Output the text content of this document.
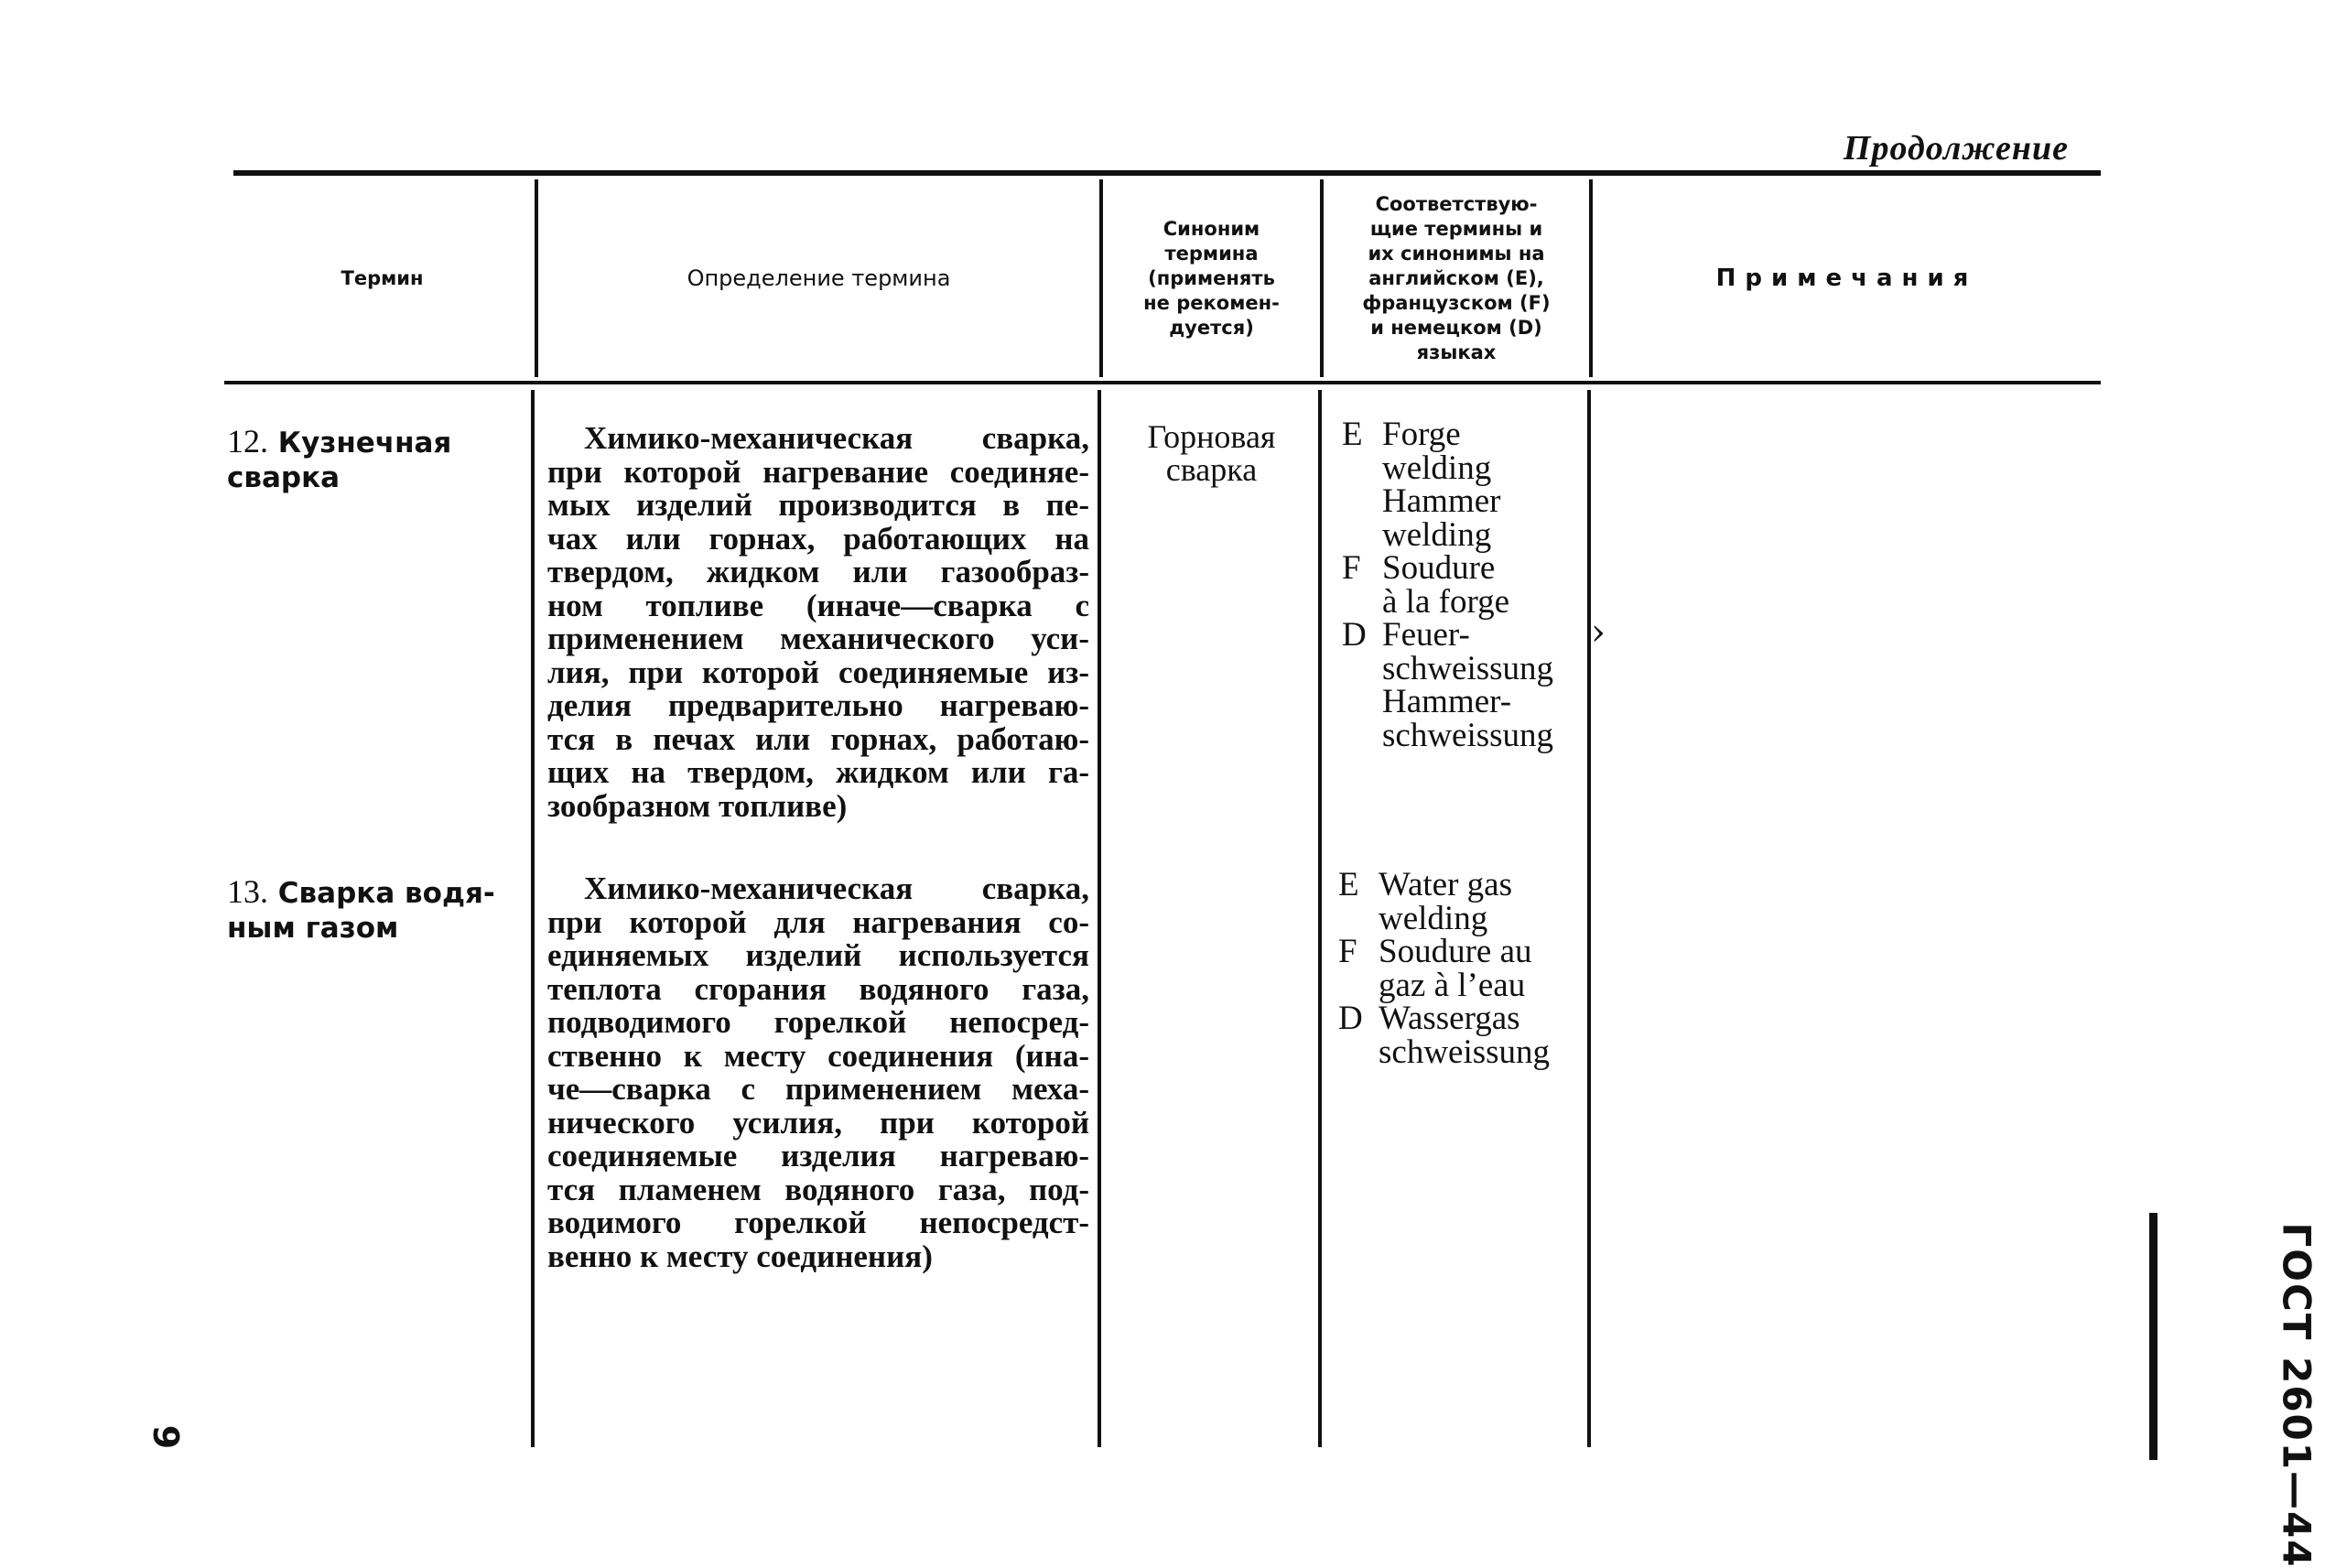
Продолжение
Термин	Определение термина
Синоним
термина
(применять
не рекомен-
дуется)
Соответствую-
щие термины и
их синонимы на
английском (E),
французском (F)
и немецком (D)
языках
Примечания
12. Кузнечная
сварка
Химико-механическая сварка,
при которой нагревание соединяе-
мых изделий производится в пе-
чах или горнах, работающих на
твердом, жидком или газообраз-
ном топливе (иначе—сварка с
применением механического уси-
лия, при которой соединяемые из-
делия предварительно нагреваю-
тся в печах или горнах, работаю-
щих на твердом, жидком или га-
зообразном топливе)
Горновая
сварка
E Forge
welding
Hammer
welding
F Soudure
à la forge
D Feuer-
schweissung
Hammer-
schweissung
›
13. Сварка водя-
ным газом
Химико-механическая сварка,
при которой для нагревания со-
единяемых изделий используется
теплота сгорания водяного газа,
подводимого горелкой непосред-
ственно к месту соединения (ина-
че—сварка с применением меха-
нического усилия, при которой
соединяемые изделия нагреваю-
тся пламенем водяного газа, под-
водимого горелкой непосредст-
венно к месту соединения)
E Water gas
welding
F Soudure au
gaz à l’eau
D Wassergas
schweissung
9	ГОСТ 2601—44
